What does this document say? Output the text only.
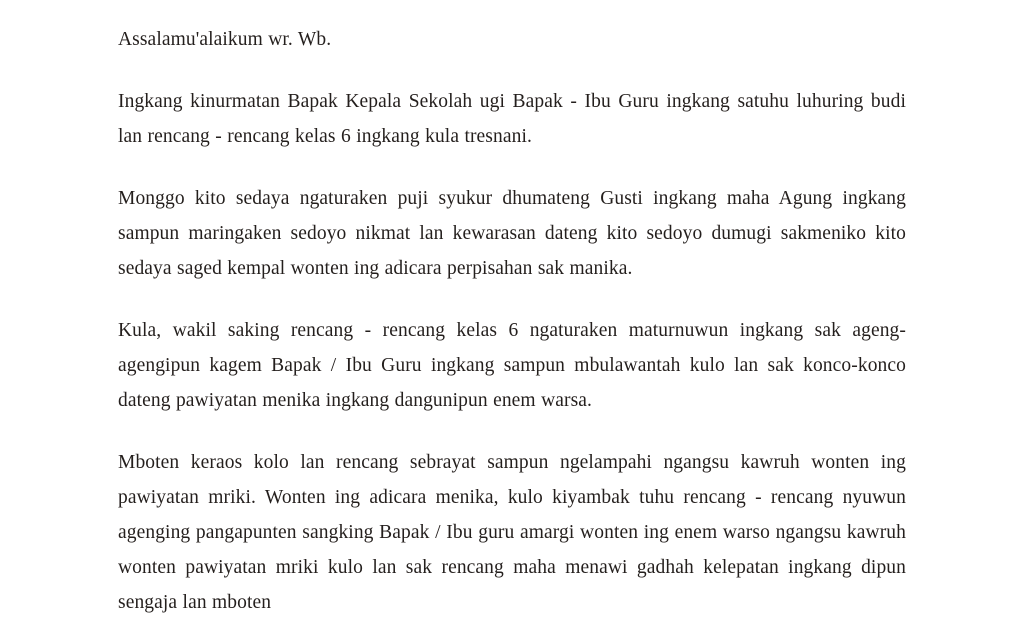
Assalamu'alaikum wr. Wb.

Ingkang kinurmatan Bapak Kepala Sekolah ugi Bapak - Ibu Guru ingkang satuhu luhuring budi lan rencang - rencang kelas 6 ingkang kula tresnani.

Monggo kito sedaya ngaturaken puji syukur dhumateng Gusti ingkang maha Agung ingkang sampun maringaken sedoyo nikmat lan kewarasan dateng kito sedoyo dumugi sakmeniko kito sedaya saged kempal wonten ing adicara perpisahan sak manika.

Kula, wakil saking rencang - rencang kelas 6 ngaturaken maturnuwun ingkang sak ageng-agengipun kagem Bapak / Ibu Guru ingkang sampun mbulawantah kulo lan sak konco-konco dateng pawiyatan menika ingkang dangunipun enem warsa.

Mboten keraos kolo lan rencang sebrayat sampun ngelampahi ngangsu kawruh wonten ing pawiyatan mriki. Wonten ing adicara menika, kulo kiyambak tuhu rencang - rencang nyuwun agenging pangapunten sangking Bapak / Ibu guru amargi wonten ing enem warso ngangsu kawruh wonten pawiyatan mriki kulo lan sak rencang maha menawi gadhah kelepatan ingkang dipun sengaja lan mboten
